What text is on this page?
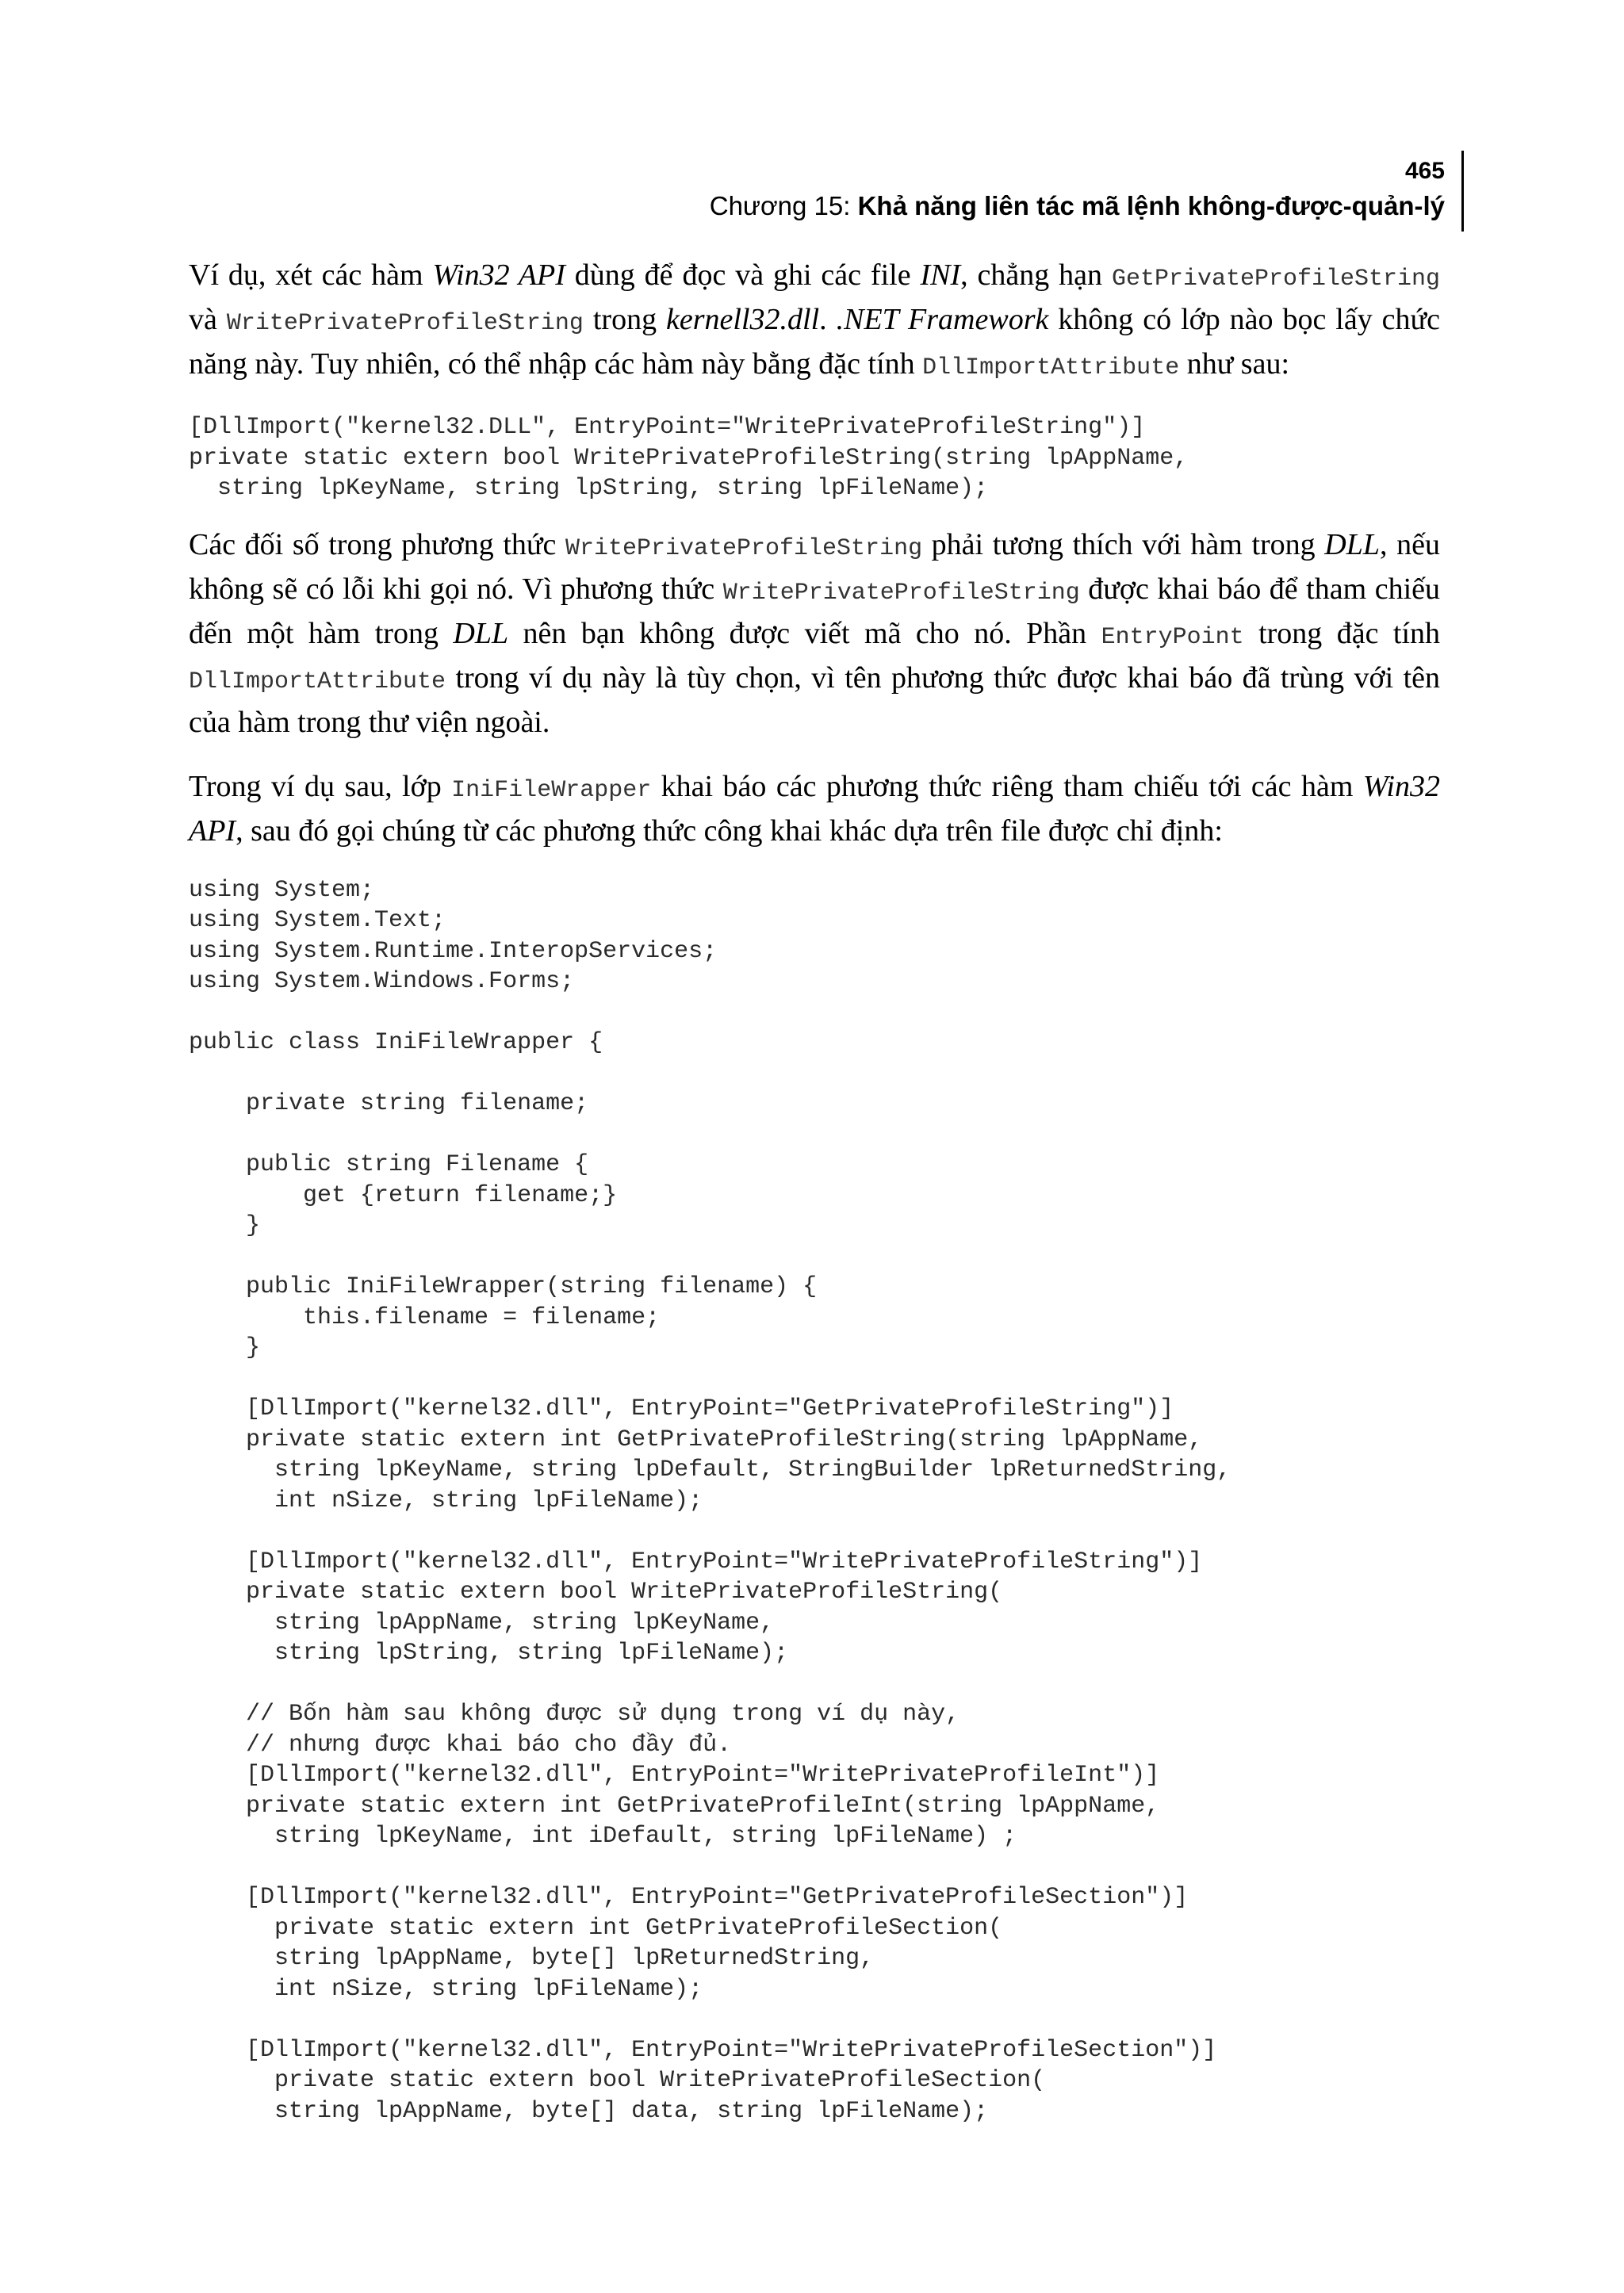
465
Chương 15: Khả năng liên tác mã lệnh không-được-quản-lý

Ví dụ, xét các hàm Win32 API dùng để đọc và ghi các file INI, chẳng hạn GetPrivateProfileString và WritePrivateProfileString trong kernell32.dll. .NET Framework không có lớp nào bọc lấy chức năng này. Tuy nhiên, có thể nhập các hàm này bằng đặc tính DllImportAttribute như sau:

[DllImport("kernel32.DLL", EntryPoint="WritePrivateProfileString")]
private static extern bool WritePrivateProfileString(string lpAppName,
string lpKeyName, string lpString, string lpFileName);

Các đối số trong phương thức WritePrivateProfileString phải tương thích với hàm trong DLL, nếu không sẽ có lỗi khi gọi nó. Vì phương thức WritePrivateProfileString được khai báo để tham chiếu đến một hàm trong DLL nên bạn không được viết mã cho nó. Phần EntryPoint trong đặc tính DllImportAttribute trong ví dụ này là tùy chọn, vì tên phương thức được khai báo đã trùng với tên của hàm trong thư viện ngoài.

Trong ví dụ sau, lớp IniFileWrapper khai báo các phương thức riêng tham chiếu tới các hàm Win32 API, sau đó gọi chúng từ các phương thức công khai khác dựa trên file được chỉ định:

using System;
using System.Text;
using System.Runtime.InteropServices;
using System.Windows.Forms;

public class IniFileWrapper {

private string filename;

public string Filename {
get {return filename;}
}

public IniFileWrapper(string filename) {
this.filename = filename;
}

[DllImport("kernel32.dll", EntryPoint="GetPrivateProfileString")]
private static extern int GetPrivateProfileString(string lpAppName,
string lpKeyName, string lpDefault, StringBuilder lpReturnedString,
int nSize, string lpFileName);

[DllImport("kernel32.dll", EntryPoint="WritePrivateProfileString")]
private static extern bool WritePrivateProfileString(
string lpAppName, string lpKeyName,
string lpString, string lpFileName);

// Bốn hàm sau không được sử dụng trong ví dụ này,
// nhưng được khai báo cho đầy đủ.
[DllImport("kernel32.dll", EntryPoint="WritePrivateProfileInt")]
private static extern int GetPrivateProfileInt(string lpAppName,
string lpKeyName, int iDefault, string lpFileName) ;

[DllImport("kernel32.dll", EntryPoint="GetPrivateProfileSection")]
private static extern int GetPrivateProfileSection(
string lpAppName, byte[] lpReturnedString,
int nSize, string lpFileName);

[DllImport("kernel32.dll", EntryPoint="WritePrivateProfileSection")]
private static extern bool WritePrivateProfileSection(
string lpAppName, byte[] data, string lpFileName);
